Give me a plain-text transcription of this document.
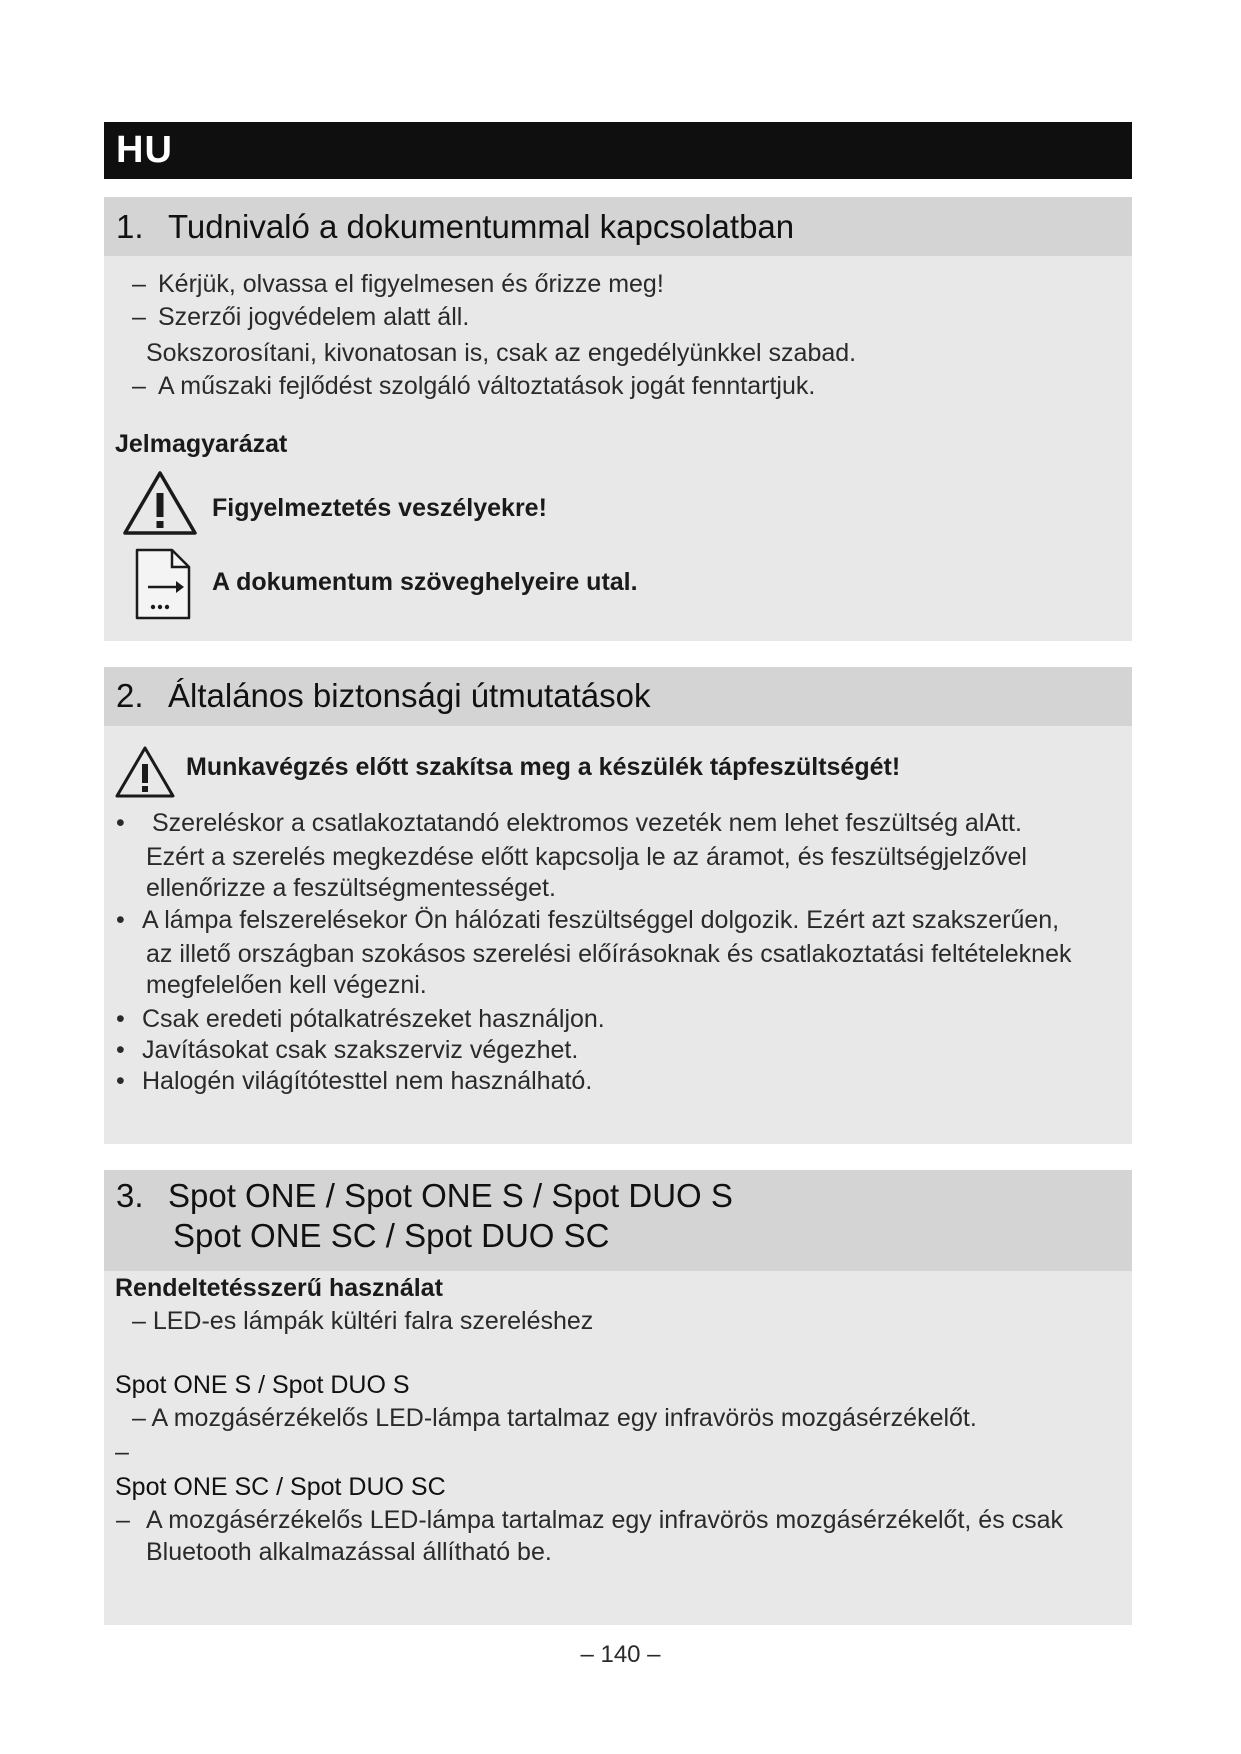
HU
1. Tudnivaló a dokumentummal kapcsolatban
– Kérjük, olvassa el figyelmesen és őrizze meg!
– Szerzői jogvédelem alatt áll.
Sokszorosítani, kivonatosan is, csak az engedélyünkkel szabad.
– A műszaki fejlődést szolgáló változtatások jogát fenntartjuk.
Jelmagyarázat
Figyelmeztetés veszélyekre!
A dokumentum szöveghelyeire utal.
2. Általános biztonsági útmutatások
Munkavégzés előtt szakítsa meg a készülék tápfeszültségét!
• Szereléskor a csatlakoztatandó elektromos vezeték nem lehet feszültség alAtt.
Ezért a szerelés megkezdése előtt kapcsolja le az áramot, és feszültségjelzővel
ellenőrizze a feszültségmentességet.
• A lámpa felszerelésekor Ön hálózati feszültséggel dolgozik. Ezért azt szakszerűen,
az illető országban szokásos szerelési előírásoknak és csatlakoztatási feltételeknek
megfelelően kell végezni.
• Csak eredeti pótalkatrészeket használjon.
• Javításokat csak szakszerviz végezhet.
• Halogén világítótesttel nem használható.
3. Spot ONE / Spot ONE S / Spot DUO S
Spot ONE SC / Spot DUO SC
Rendeltetésszerű használat
– LED-es lámpák kültéri falra szereléshez
Spot ONE S / Spot DUO S
– A mozgásérzékelős LED-lámpa tartalmaz egy infravörös mozgásérzékelőt.
–
Spot ONE SC / Spot DUO SC
– A mozgásérzékelős LED-lámpa tartalmaz egy infravörös mozgásérzékelőt, és csak
Bluetooth alkalmazással állítható be.
– 140 –
